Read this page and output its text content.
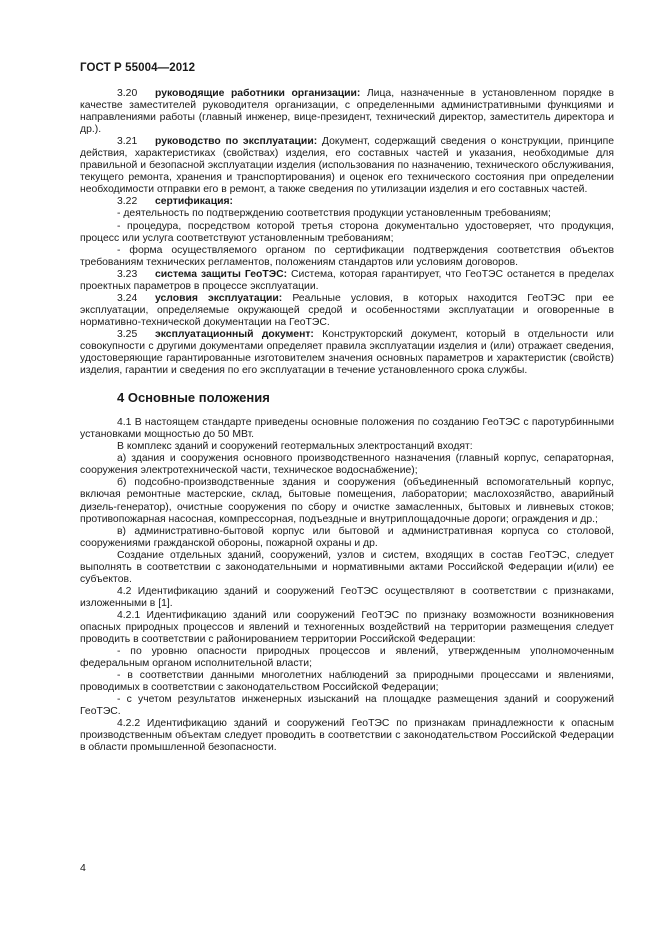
ГОСТ Р 55004—2012

3.20 руководящие работники организации: Лица, назначенные в установленном порядке в качестве заместителей руководителя организации, с определенными административными функциями и направлениями работы (главный инженер, вице-президент, технический директор, заместитель директора и др.).

3.21 руководство по эксплуатации: Документ, содержащий сведения о конструкции, принципе действия, характеристиках (свойствах) изделия, его составных частей и указания, необходимые для правильной и безопасной эксплуатации изделия (использования по назначению, технического обслуживания, текущего ремонта, хранения и транспортирования) и оценок его технического состояния при определении необходимости отправки его в ремонт, а также сведения по утилизации изделия и его составных частей.

3.22 сертификация:

- деятельность по подтверждению соответствия продукции установленным требованиям;

- процедура, посредством которой третья сторона документально удостоверяет, что продукция, процесс или услуга соответствуют установленным требованиям;

- форма осуществляемого органом по сертификации подтверждения соответствия объектов требованиям технических регламентов, положениям стандартов или условиям договоров.

3.23 система защиты ГеоТЭС: Система, которая гарантирует, что ГеоТЭС останется в пределах проектных параметров в процессе эксплуатации.

3.24 условия эксплуатации: Реальные условия, в которых находится ГеоТЭС при ее эксплуатации, определяемые окружающей средой и особенностями эксплуатации и оговоренные в нормативно-технической документации на ГеоТЭС.

3.25 эксплуатационный документ: Конструкторский документ, который в отдельности или совокупности с другими документами определяет правила эксплуатации изделия и (или) отражает сведения, удостоверяющие гарантированные изготовителем значения основных параметров и характеристик (свойств) изделия, гарантии и сведения по его эксплуатации в течение установленного срока службы.

4 Основные положения

4.1 В настоящем стандарте приведены основные положения по созданию ГеоТЭС с паротурбинными установками мощностью до 50 МВт.

В комплекс зданий и сооружений геотермальных электростанций входят:

а) здания и сооружения основного производственного назначения (главный корпус, сепараторная, сооружения электротехнической части, техническое водоснабжение);

б) подсобно-производственные здания и сооружения (объединенный вспомогательный корпус, включая ремонтные мастерские, склад, бытовые помещения, лаборатории; маслохозяйство, аварийный дизель-генератор), очистные сооружения по сбору и очистке замасленных, бытовых и ливневых стоков; противопожарная насосная, компрессорная, подъездные и внутриплощадочные дороги; ограждения и др.;

в) административно-бытовой корпус или бытовой и административная корпуса со столовой, сооружениями гражданской обороны, пожарной охраны и др.

Создание отдельных зданий, сооружений, узлов и систем, входящих в состав ГеоТЭС, следует выполнять в соответствии с законодательными и нормативными актами Российской Федерации и(или) ее субъектов.

4.2 Идентификацию зданий и сооружений ГеоТЭС осуществляют в соответствии с признаками, изложенными в [1].

4.2.1 Идентификацию зданий или сооружений ГеоТЭС по признаку возможности возникновения опасных природных процессов и явлений и техногенных воздействий на территории размещения следует проводить в соответствии с районированием территории Российской Федерации:

- по уровню опасности природных процессов и явлений, утвержденным уполномоченным федеральным органом исполнительной власти;

- в соответствии данными многолетних наблюдений за природными процессами и явлениями, проводимых в соответствии с законодательством Российской Федерации;

- с учетом результатов инженерных изысканий на площадке размещения зданий и сооружений ГеоТЭС.

4.2.2 Идентификацию зданий и сооружений ГеоТЭС по признакам принадлежности к опасным производственным объектам следует проводить в соответствии с законодательством Российской Федерации в области промышленной безопасности.

4
